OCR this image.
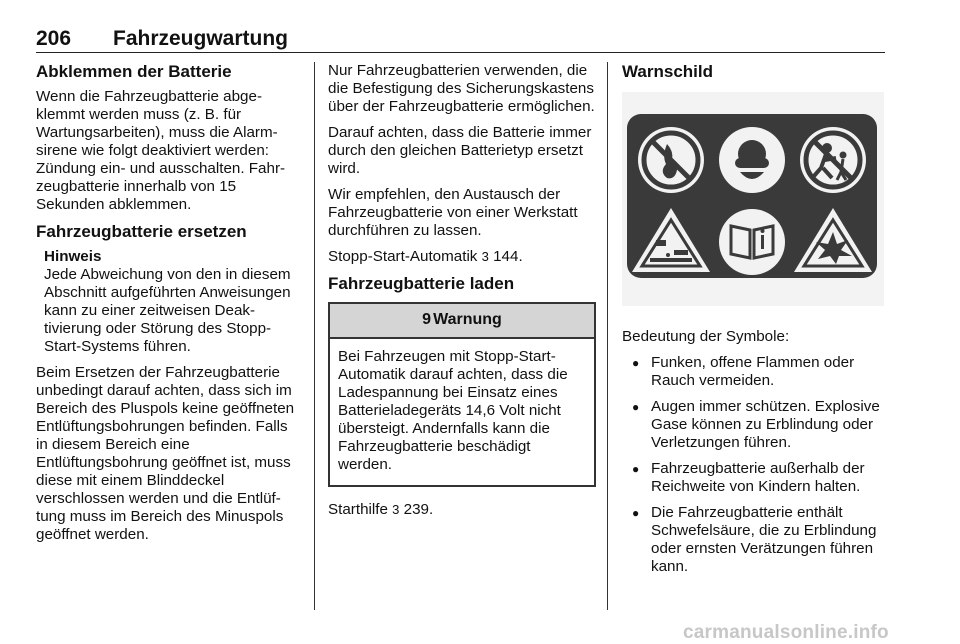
206 Fahrzeugwartung
Abklemmen der Batterie

Wenn die Fahrzeugbatterie abgeklemmt werden muss (z. B. für Wartungsarbeiten), muss die Alarmsirene wie folgt deaktiviert werden: Zündung ein- und ausschalten. Fahrzeugbatterie innerhalb von 15 Sekunden abklemmen.

Fahrzeugbatterie ersetzen
Hinweis
Jede Abweichung von den in diesem Abschnitt aufgeführten Anweisungen kann zu einer zeitweisen Deaktivierung oder Störung des Stopp-Start-Systems führen.

Beim Ersetzen der Fahrzeugbatterie unbedingt darauf achten, dass sich im Bereich des Pluspols keine geöffneten Entlüftungsbohrungen befinden. Falls in diesem Bereich eine Entlüftungsbohrung geöffnet ist, muss diese mit einem Blinddeckel verschlossen werden und die Entlüftung muss im Bereich des Minuspols geöffnet werden.

Nur Fahrzeugbatterien verwenden, die die Befestigung des Sicherungskastens über der Fahrzeugbatterie ermöglichen.

Darauf achten, dass die Batterie immer durch den gleichen Batterietyp ersetzt wird.

Wir empfehlen, den Austausch der Fahrzeugbatterie von einer Werkstatt durchführen zu lassen.

Stopp-Start-Automatik 3 144.

Fahrzeugbatterie laden
9 Warnung
Bei Fahrzeugen mit Stopp-Start-Automatik darauf achten, dass die Ladespannung bei Einsatz eines Batterieladegeräts 14,6 Volt nicht übersteigt. Andernfalls kann die Fahrzeugbatterie beschädigt werden.

Starthilfe 3 239.

Warnschild

Bedeutung der Symbole:

● Funken, offene Flammen oder Rauch vermeiden.
● Augen immer schützen. Explosive Gase können zu Erblindung oder Verletzungen führen.
● Fahrzeugbatterie außerhalb der Reichweite von Kindern halten.
● Die Fahrzeugbatterie enthält Schwefelsäure, die zu Erblindung oder ernsten Verätzungen führen kann.
carmanualsonline.info
